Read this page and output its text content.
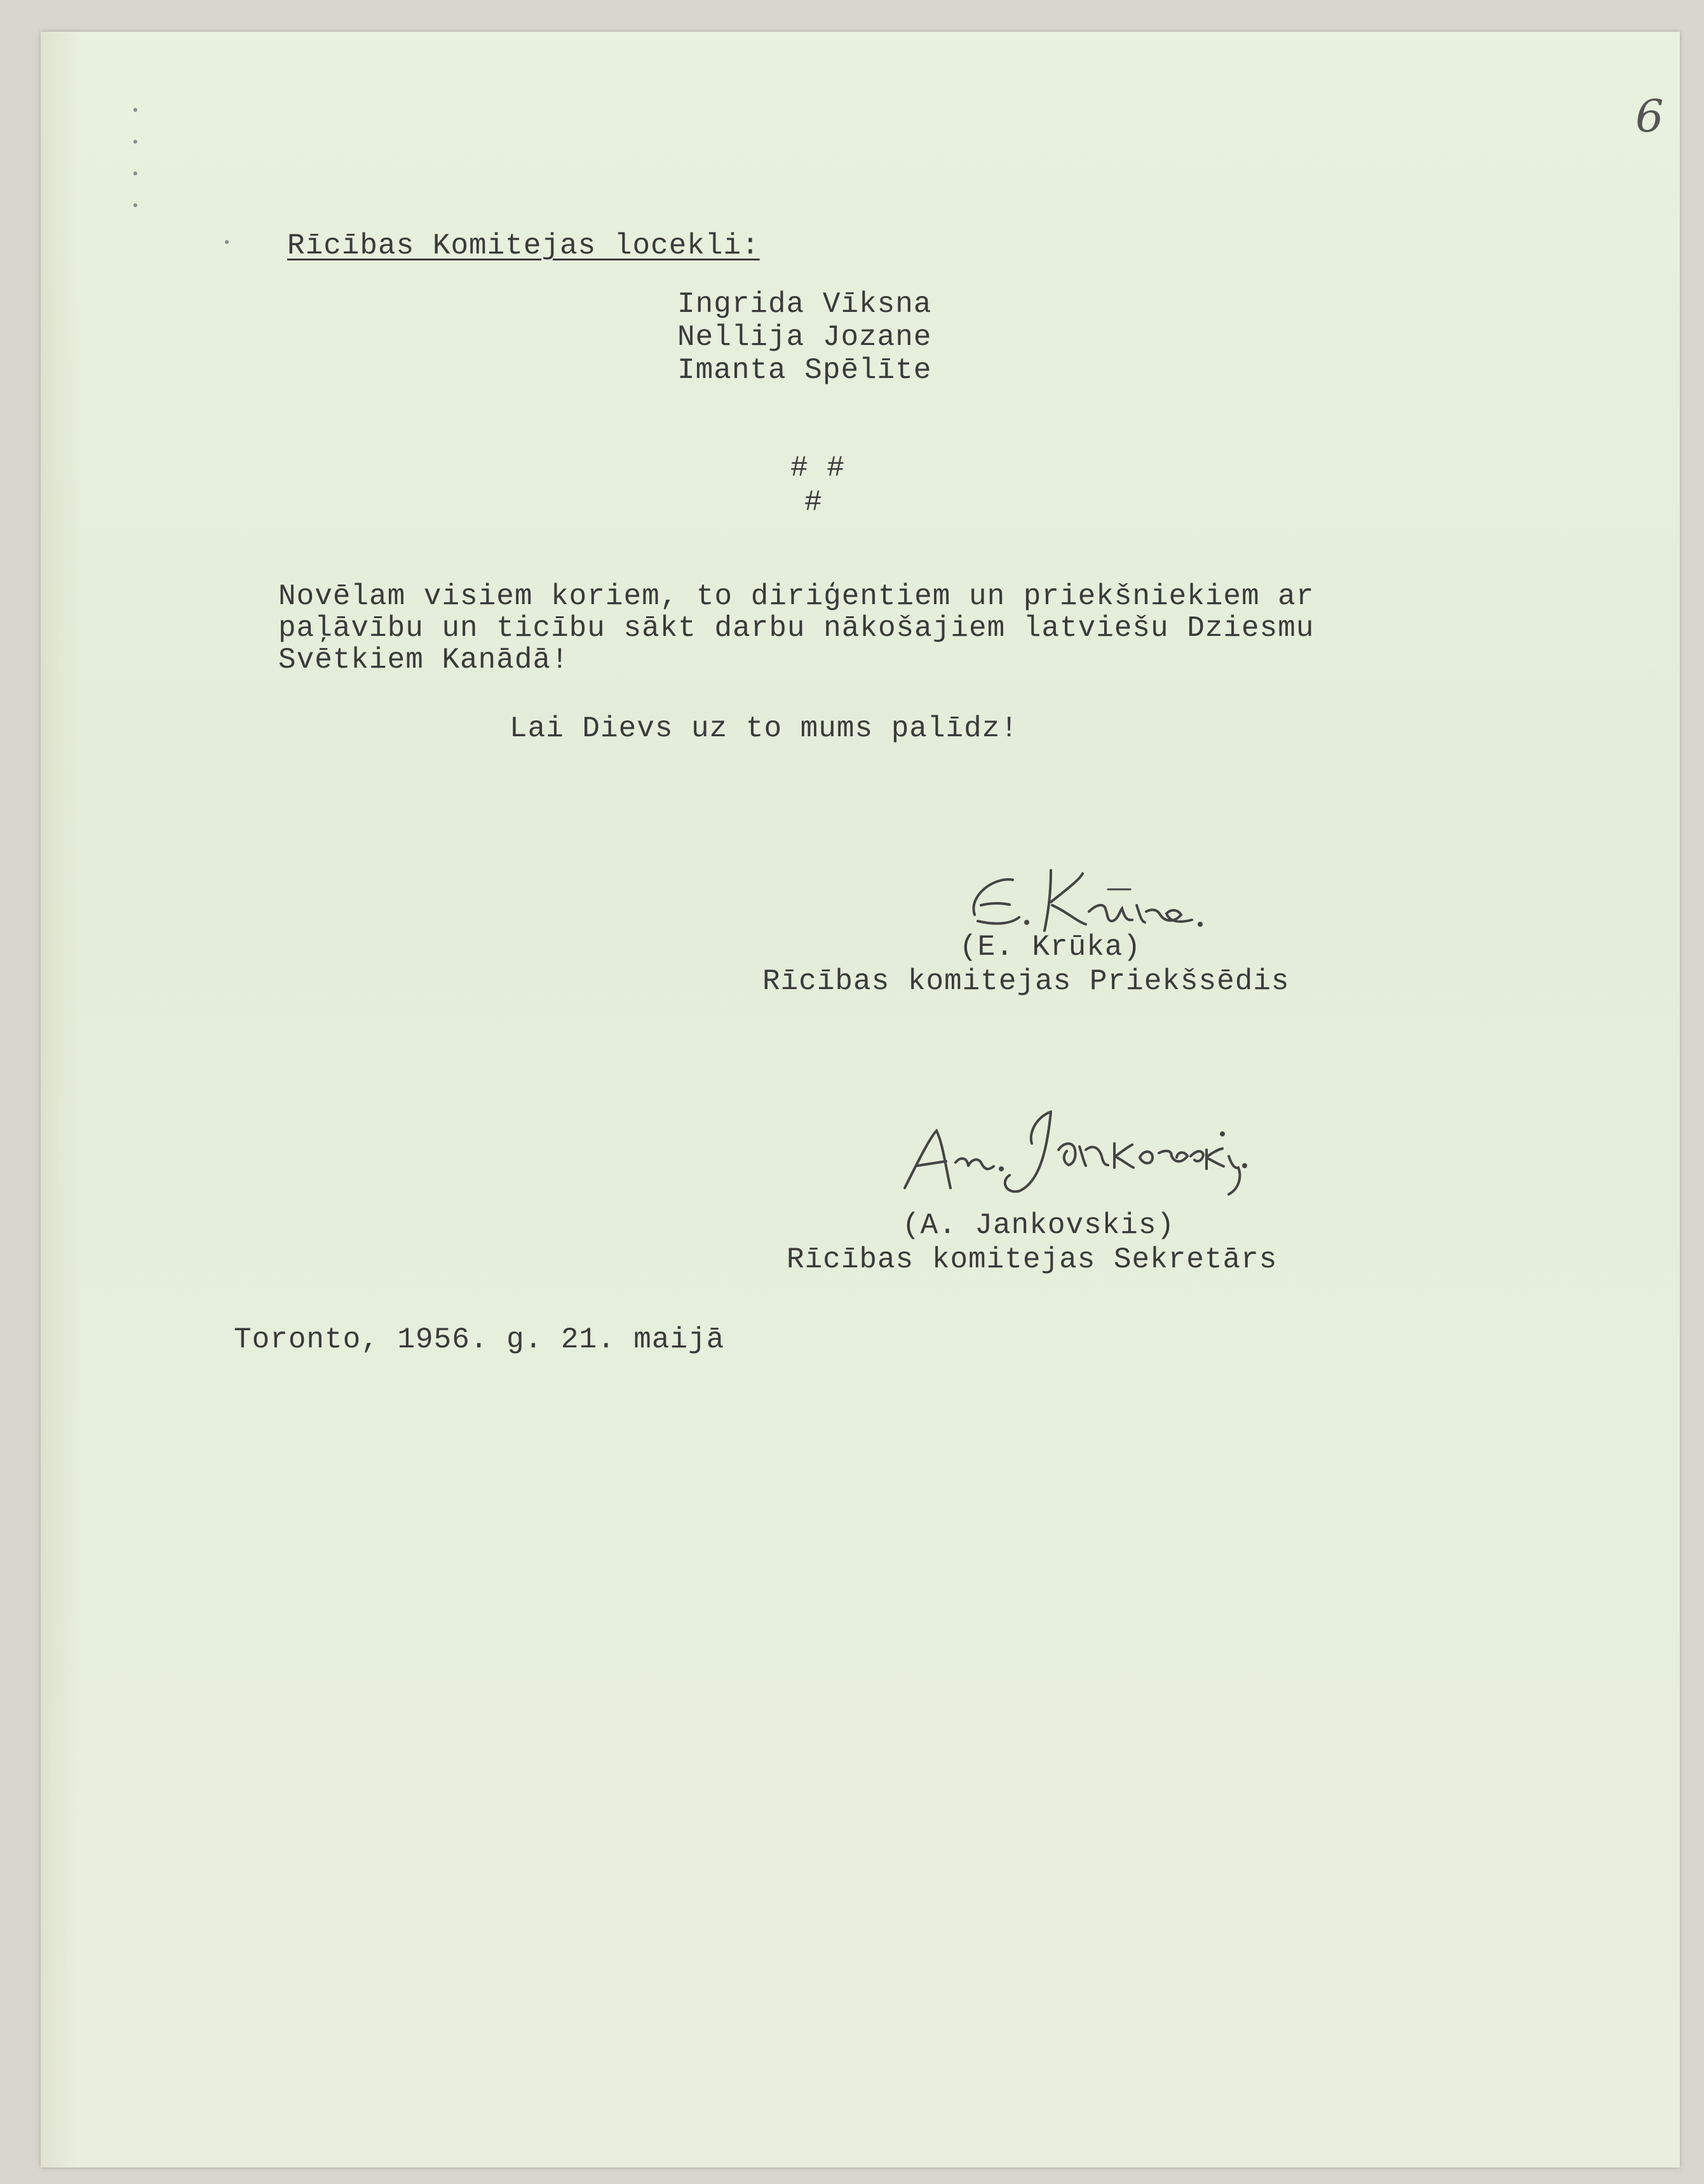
6
Rīcības Komitejas locekli:
Ingrida Vīksna
Nellija Jozane
Imanta Spēlīte
# #
#
Novēlam visiem koriem, to diriģentiem un priekšniekiem ar
paļāvību un ticību sākt darbu nākošajiem latviešu Dziesmu
Svētkiem Kanādā!
Lai Dievs uz to mums palīdz!
(E. Krūka)
Rīcības komitejas Priekšsēdis
(A. Jankovskis)
Rīcības komitejas Sekretārs
Toronto, 1956. g. 21. maijā
